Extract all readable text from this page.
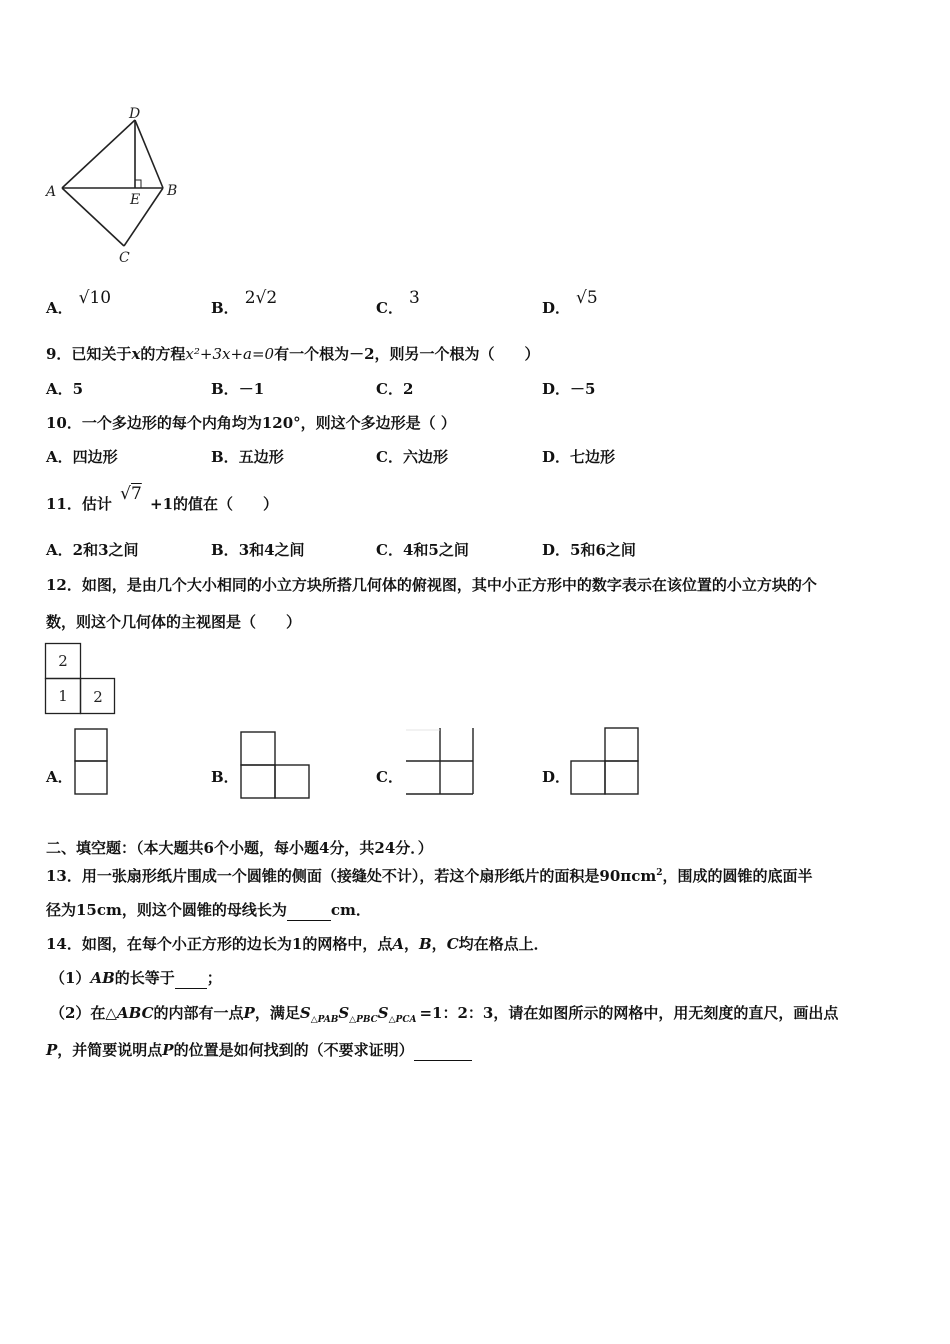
D
A	E
B
C
A． √10	B． 2√2	C． 3	D． √5
9．已知关于x的方程x²+3x+a=0有一个根为－2，则另一个根为（　　）
A．5	B．－1	C．2	D．－5
10．一个多边形的每个内角均为120°，则这个多边形是（ ）
A．四边形	B．五边形	C．六边形	D．七边形
11．估计 √7 +1的值在（　　）
A．2和3之间	B．3和4之间	C．4和5之间	D．5和6之间
12．如图，是由几个大小相同的小立方块所搭几何体的俯视图，其中小正方形中的数字表示在该位置的小立方块的个
数，则这个几何体的主视图是（　　）
2
1 2
A．	B．	C．	D．
二、填空题：（本大题共6个小题，每小题4分，共24分．）
13．用一张扇形纸片围成一个圆锥的侧面（接缝处不计），若这个扇形纸片的面积是90πcm$^2$，围成的圆锥的底面半
径为15cm，则这个圆锥的母线长为	cm．
14．如图，在每个小正方形的边长为1的网格中，点A，B，C均在格点上．
（1）AB的长等于 ；
（2）在△ABC的内部有一点P，满足$S_{\triangle PAB}S_{\triangle PBC}S_{\triangle PCA} =1$：2：3，请在如图所示的网格中，用无刻度的直尺，画出点
P，并简要说明点P的位置是如何找到的（不要求证明）
